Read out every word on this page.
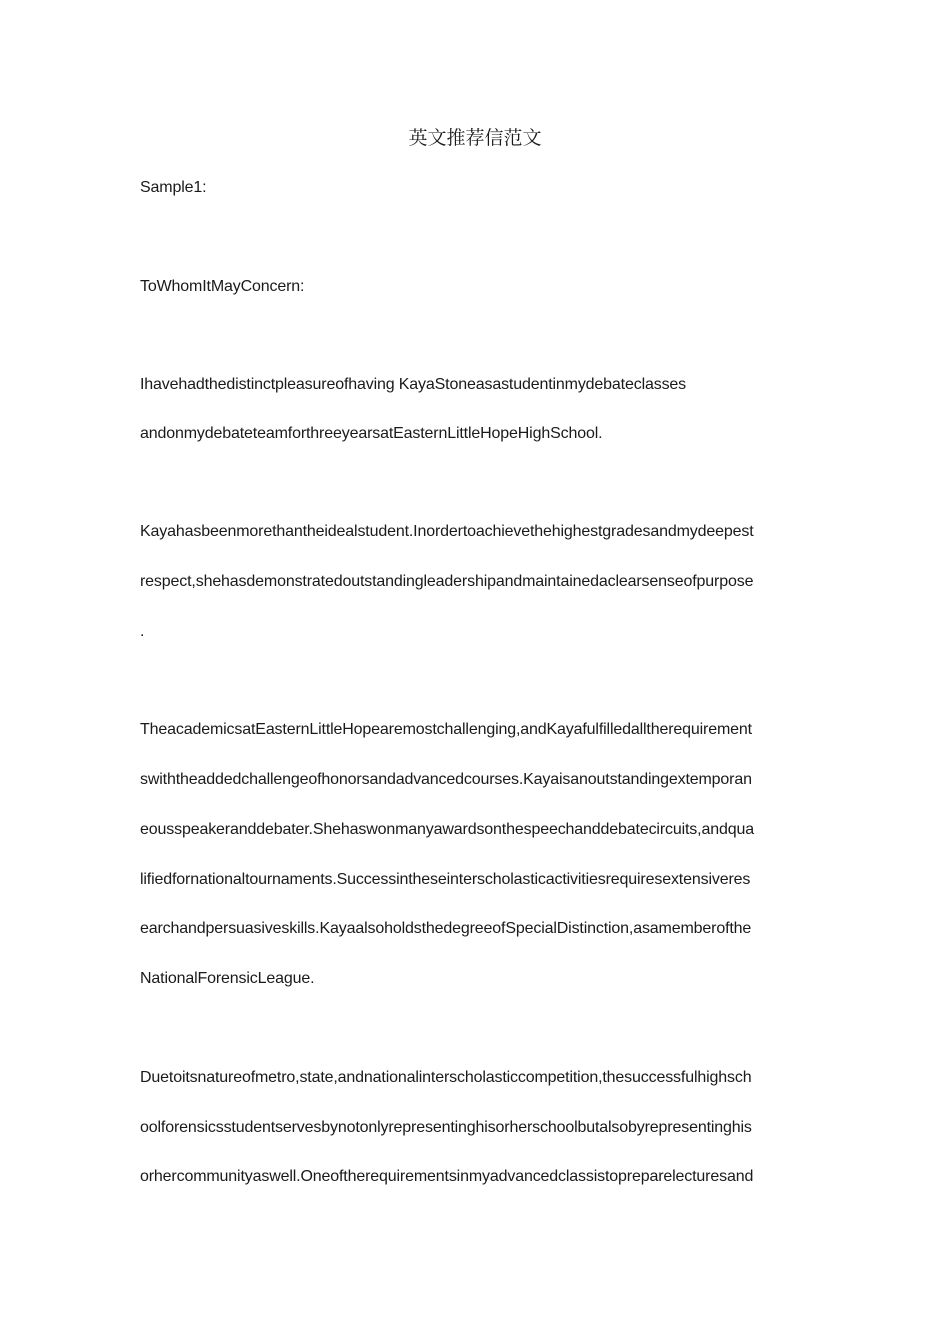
英文推荐信范文
Sample1:
ToWhomItMayConcern:
Ihavehadthedistinctpleasureofhaving KayaStoneasastudentinmydebateclasses
andonmydebateteamforthreeyearsatEasternLittleHopeHighSchool.
Kayahasbeenmorethantheidealstudent.Inordertoachievethehighestgradesandmydeepest
respect,shehasdemonstratedoutstandingleadershipandmaintainedaclearsenseofpurpose
.
TheacademicsatEasternLittleHopearemostchallenging,andKayafulfilledalltherequirement
swiththeaddedchallengeofhonorsandadvancedcourses.Kayaisanoutstandingextemporan
eousspeakeranddebater.Shehaswonmanyawardsonthespeechanddebatecircuits,andqua
lifiedfornationaltournaments.Successintheseinterscholasticactivitiesrequiresextensiveres
earchandpersuasiveskills.KayaalsoholdsthedegreeofSpecialDistinction,asamemberofthe
NationalForensicLeague.
Duetoitsnatureofmetro,state,andnationalinterscholasticcompetition,thesuccessfulhighsch
oolforensicsstudentservesbynotonlyrepresentinghisorherschoolbutalsobyrepresentinghis
orhercommunityaswell.Oneoftherequirementsinmyadvancedclassistopreparelecturesand
